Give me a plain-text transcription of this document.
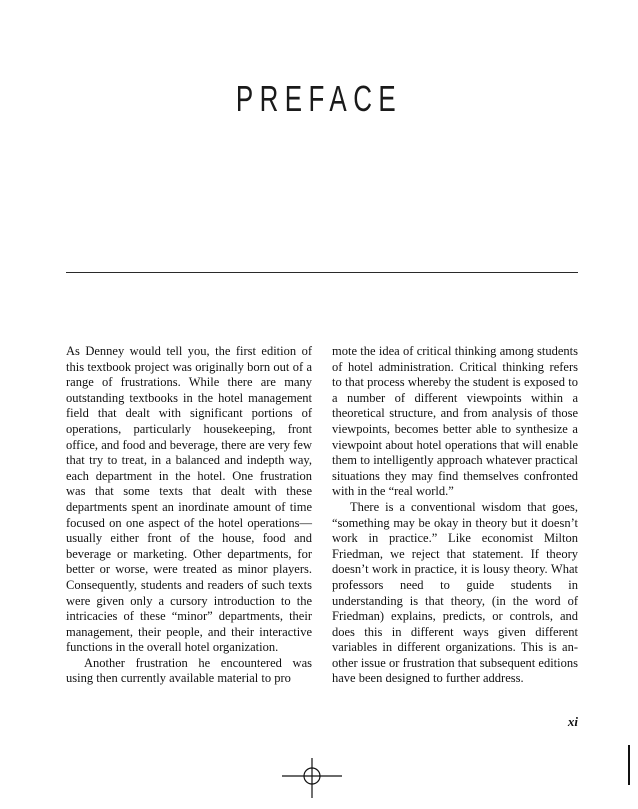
PREFACE

As Denney would tell you, the first edition of this textbook project was originally born out of a range of frustrations. While there are many outstanding textbooks in the hotel management field that dealt with significant portions of operations, particularly housekeeping, front office, and food and beverage, there are very few that try to treat, in a balanced and indepth way, each department in the hotel. One frustration was that some texts that dealt with these departments spent an inordinate amount of time focused on one aspect of the hotel operations—usually either front of the house, food and beverage or marketing. Other departments, for better or worse, were treated as minor players. Consequently, students and readers of such texts were given only a cursory introduction to the intricacies of these “minor” departments, their management, their people, and their interactive functions in the overall hotel organization.

Another frustration he encountered was using then currently available material to pro

mote the idea of critical thinking among students of hotel administration. Critical thinking refers to that process whereby the student is exposed to a number of different viewpoints within a theoretical structure, and from analysis of those viewpoints, becomes better able to synthesize a viewpoint about hotel operations that will enable them to intelligently approach whatever practical situations they may find themselves confronted with in the “real world.”

There is a conventional wisdom that goes, “something may be okay in theory but it doesn’t work in practice.” Like economist Milton Friedman, we reject that statement. If theory doesn’t work in practice, it is lousy theory. What professors need to guide students in understanding is that theory, (in the word of Friedman) explains, predicts, or controls, and does this in different ways given different variables in different organizations. This is another issue or frustration that subsequent editions have been designed to further address.

xi
